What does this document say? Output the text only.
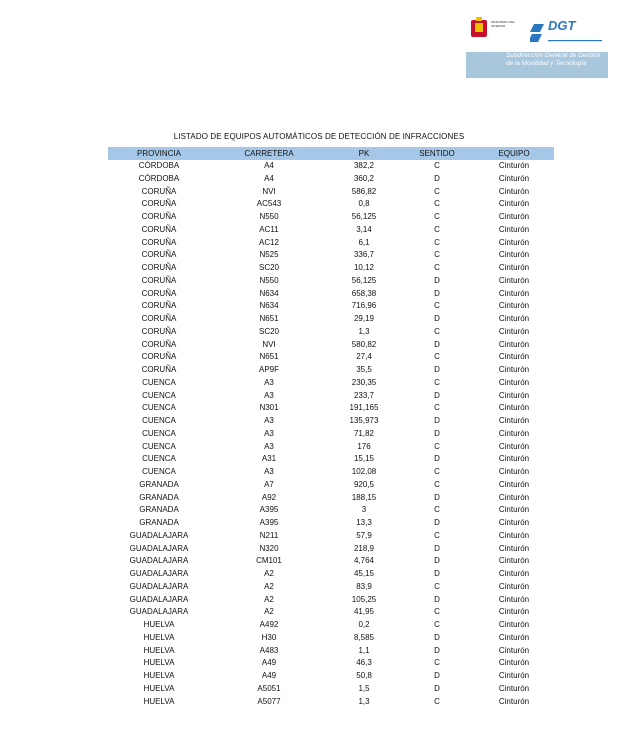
MINISTERIO DEL INTERIOR	DGT
Subdirección General de Gestión de la Movilidad y Tecnología
LISTADO DE EQUIPOS AUTOMÁTICOS DE DETECCIÓN DE INFRACCIONES
PROVINCIA	CARRETERA	PK	SENTIDO	EQUIPO
CÓRDOBA	A4	382,2	C	Cinturón
CÓRDOBA	A4	360,2	D	Cinturón
CORUÑA	NVI	586,82	C	Cinturón
CORUÑA	AC543	0,8	C	Cinturón
CORUÑA	N550	56,125	C	Cinturón
CORUÑA	AC11	3,14	C	Cinturón
CORUÑA	AC12	6,1	C	Cinturón
CORUÑA	N525	336,7	C	Cinturón
CORUÑA	SC20	10,12	C	Cinturón
CORUÑA	N550	56,125	D	Cinturón
CORUÑA	N634	658,38	D	Cinturón
CORUÑA	N634	716,96	C	Cinturón
CORUÑA	N651	29,19	D	Cinturón
CORUÑA	SC20	1,3	C	Cinturón
CORUÑA	NVI	580,82	D	Cinturón
CORUÑA	N651	27,4	C	Cinturón
CORUÑA	AP9F	35,5	D	Cinturón
CUENCA	A3	230,35	C	Cinturón
CUENCA	A3	233,7	D	Cinturón
CUENCA	N301	191,165	C	Cinturón
CUENCA	A3	135,973	D	Cinturón
CUENCA	A3	71,82	D	Cinturón
CUENCA	A3	176	C	Cinturón
CUENCA	A31	15,15	D	Cinturón
CUENCA	A3	102,08	C	Cinturón
GRANADA	A7	920,5	C	Cinturón
GRANADA	A92	188,15	D	Cinturón
GRANADA	A395	3	C	Cinturón
GRANADA	A395	13,3	D	Cinturón
GUADALAJARA	N211	57,9	C	Cinturón
GUADALAJARA	N320	218,9	D	Cinturón
GUADALAJARA	CM101	4,764	D	Cinturón
GUADALAJARA	A2	45,15	D	Cinturón
GUADALAJARA	A2	83,9	C	Cinturón
GUADALAJARA	A2	105,25	D	Cinturón
GUADALAJARA	A2	41,95	C	Cinturón
HUELVA	A492	0,2	C	Cinturón
HUELVA	H30	8,585	D	Cinturón
HUELVA	A483	1,1	D	Cinturón
HUELVA	A49	46,3	C	Cinturón
HUELVA	A49	50,8	D	Cinturón
HUELVA	A5051	1,5	D	Cinturón
HUELVA	A5077	1,3	C	Cinturón
